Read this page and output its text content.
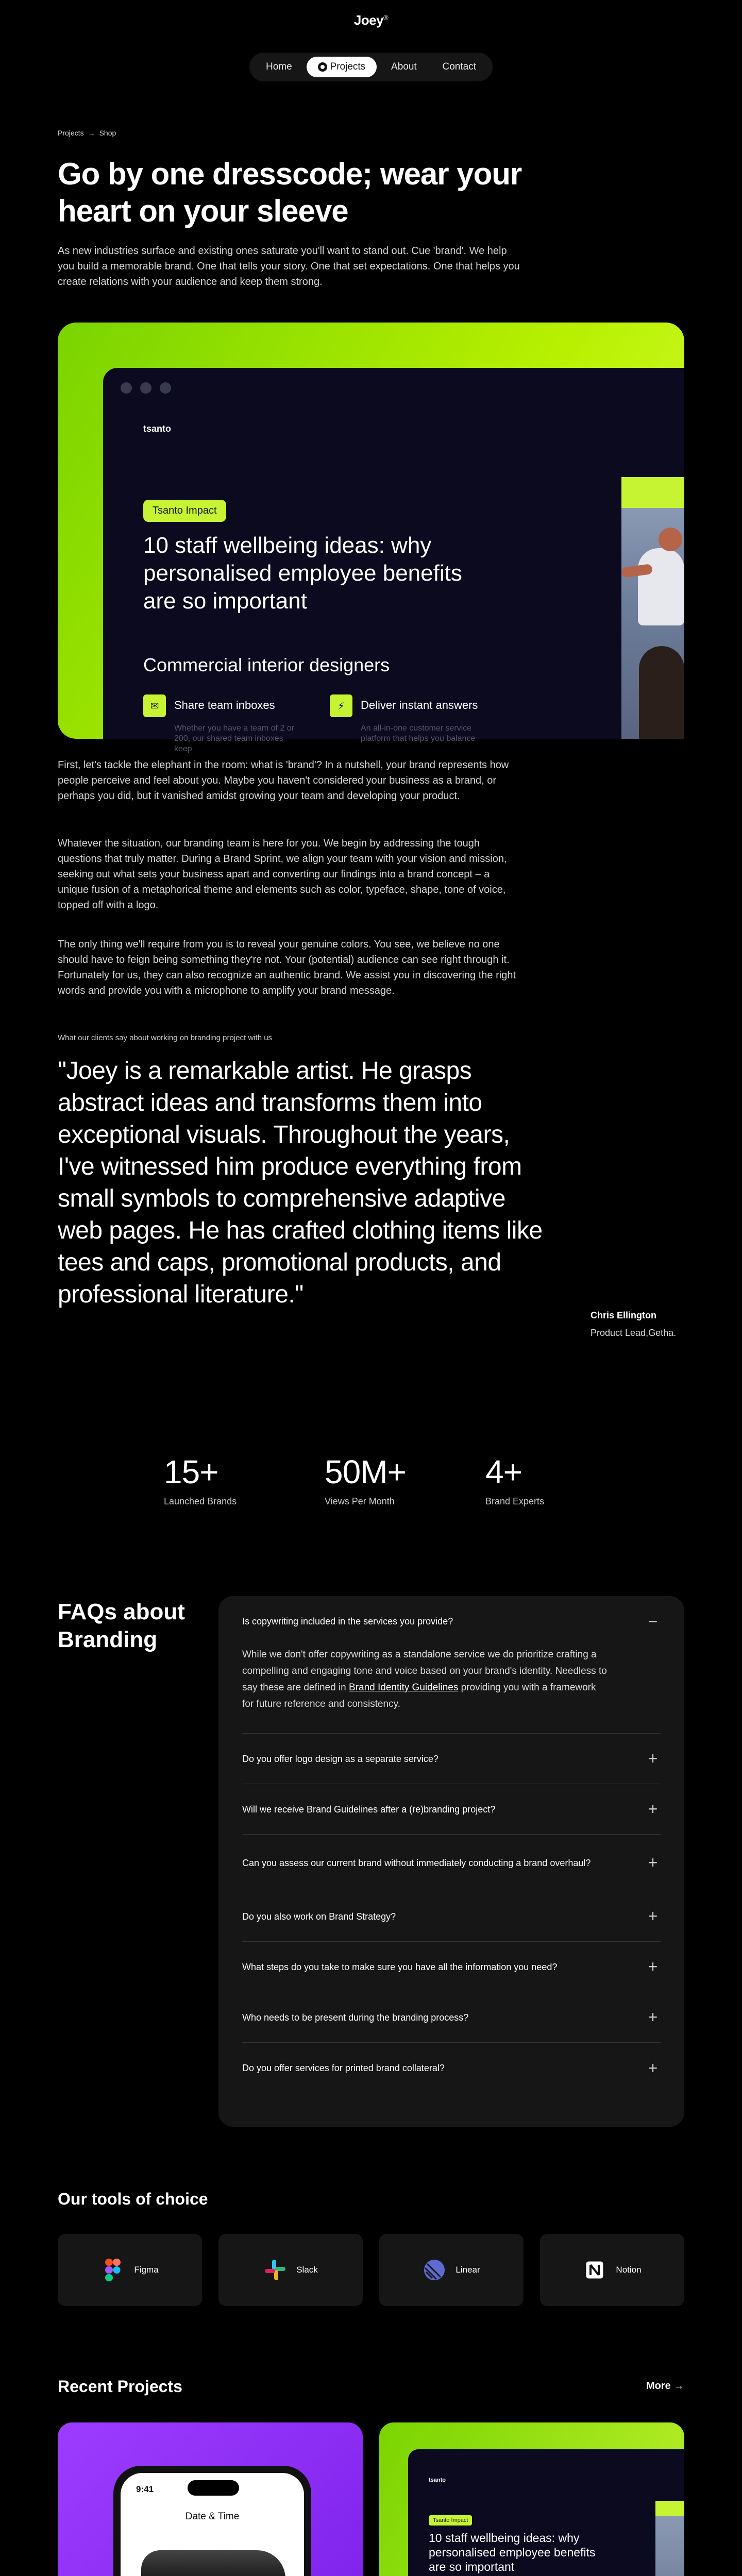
Joey®
Home	Projects	About	Contact
Projects → Shop
Go by one dresscode; wear your heart on your sleeve

As new industries surface and existing ones saturate you'll want to stand out. Cue 'brand'. We help you build a memorable brand. One that tells your story. One that set expectations. One that helps you create relations with your audience and keep them strong.

tsanto
Tsanto Impact
10 staff wellbeing ideas: why personalised employee benefits are so important
Commercial interior designers
✉	Share team inboxes
Whether you have a team of 2 or 200, our shared team inboxes keep
⚡	Deliver instant answers
An all-in-one customer service platform that helps you balance

First, let's tackle the elephant in the room: what is 'brand'? In a nutshell, your brand represents how people perceive and feel about you. Maybe you haven't considered your business as a brand, or perhaps you did, but it vanished amidst growing your team and developing your product.

Whatever the situation, our branding team is here for you. We begin by addressing the tough questions that truly matter. During a Brand Sprint, we align your team with your vision and mission, seeking out what sets your business apart and converting our findings into a brand concept – a unique fusion of a metaphorical theme and elements such as color, typeface, shape, tone of voice, topped off with a logo.

The only thing we'll require from you is to reveal your genuine colors. You see, we believe no one should have to feign being something they're not. Your (potential) audience can see right through it. Fortunately for us, they can also recognize an authentic brand. We assist you in discovering the right words and provide you with a microphone to amplify your brand message.

What our clients say about working on branding project with us
"Joey is a remarkable artist. He grasps abstract ideas and transforms them into exceptional visuals. Throughout the years, I've witnessed him produce everything from small symbols to comprehensive adaptive web pages. He has crafted clothing items like tees and caps, promotional products, and professional literature."
Chris Ellington
Product Lead,Getha.
15+
Launched Brands
50M+
Views Per Month
4+
Brand Experts
FAQs about Branding
Is copywriting included in the services you provide?	−
While we don't offer copywriting as a standalone service we do prioritize crafting a compelling and engaging tone and voice based on your brand's identity. Needless to say these are defined in Brand Identity Guidelines providing you with a framework for future reference and consistency.
Do you offer logo design as a separate service?	+
Will we receive Brand Guidelines after a (re)branding project?	+
Can you assess our current brand without immediately conducting a brand overhaul?	+
Do you also work on Brand Strategy?	+
What steps do you take to make sure you have all the information you need?	+
Who needs to be present during the branding process?	+
Do you offer services for printed brand collateral?	+
Our tools of choice
Figma	Slack	Linear	Notion
Recent Projects	More →
9:41
Date & Time
tsanto
Tsanto Impact
10 staff wellbeing ideas: why personalised employee benefits are so important
